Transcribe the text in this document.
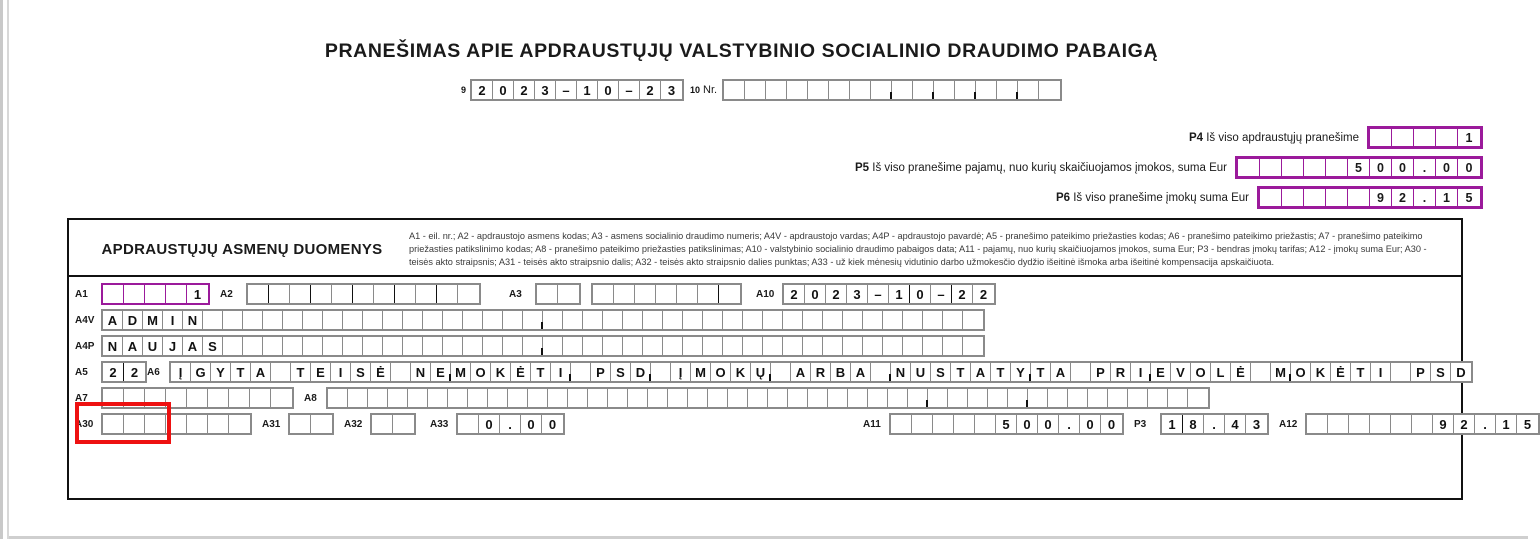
PRANEŠIMAS APIE APDRAUSTŲJŲ VALSTYBINIO SOCIALINIO DRAUDIMO PABAIGĄ
9 2	0	2	3	–	1	0	–	2	3	10 Nr.
P4 Iš viso apdraustųjų pranešime	1
P5 Iš viso pranešime pajamų, nuo kurių skaičiuojamos įmokos, suma Eur	5	0	0	.	0	0
P6 Iš viso pranešime įmokų suma Eur	9	2	.	1	5
APDRAUSTŲJŲ ASMENŲ DUOMENYS
A1 - eil. nr.; A2 - apdraustojo asmens kodas; A3 - asmens socialinio draudimo numeris; A4V - apdraustojo vardas; A4P - apdraustojo pavardė; A5 - pranešimo pateikimo priežasties kodas; A6 - pranešimo pateikimo priežastis; A7 - pranešimo pateikimo priežasties patikslinimo kodas; A8 - pranešimo pateikimo priežasties patikslinimas; A10 - valstybinio socialinio draudimo pabaigos data; A11 - pajamų, nuo kurių skaičiuojamos įmokos, suma Eur; P3 - bendras įmokų tarifas; A12 - įmokų suma Eur; A30 - teisės akto straipsnis; A31 - teisės akto straipsnio dalis; A32 - teisės akto straipsnio dalies punktas; A33 - už kiek mėnesių vidutinio darbo užmokesčio dydžio išeitinė išmoka arba išeitinė kompensacija apskaičiuota.
A1	1	A2	A3	A10	2	0	2	3	–	1	0	–	2	2
A4V	A D M I	N
A4P	N A U J A S
A5	2	2 A6	Į	G Y T A	T E	I	S Ė	N E M O K Ė T	I	P S D	Į M O K Ų	A R B A	N U S T A T Y T A	P R	I	E V O L Ė	M O K Ė T	I	P S D
A7	A8
A30	A31	A32	A33	0	.	0	0	A11	5	0	0	.	0	0	P3	1	8	.	4	3	A12	9	2	.	1	5
